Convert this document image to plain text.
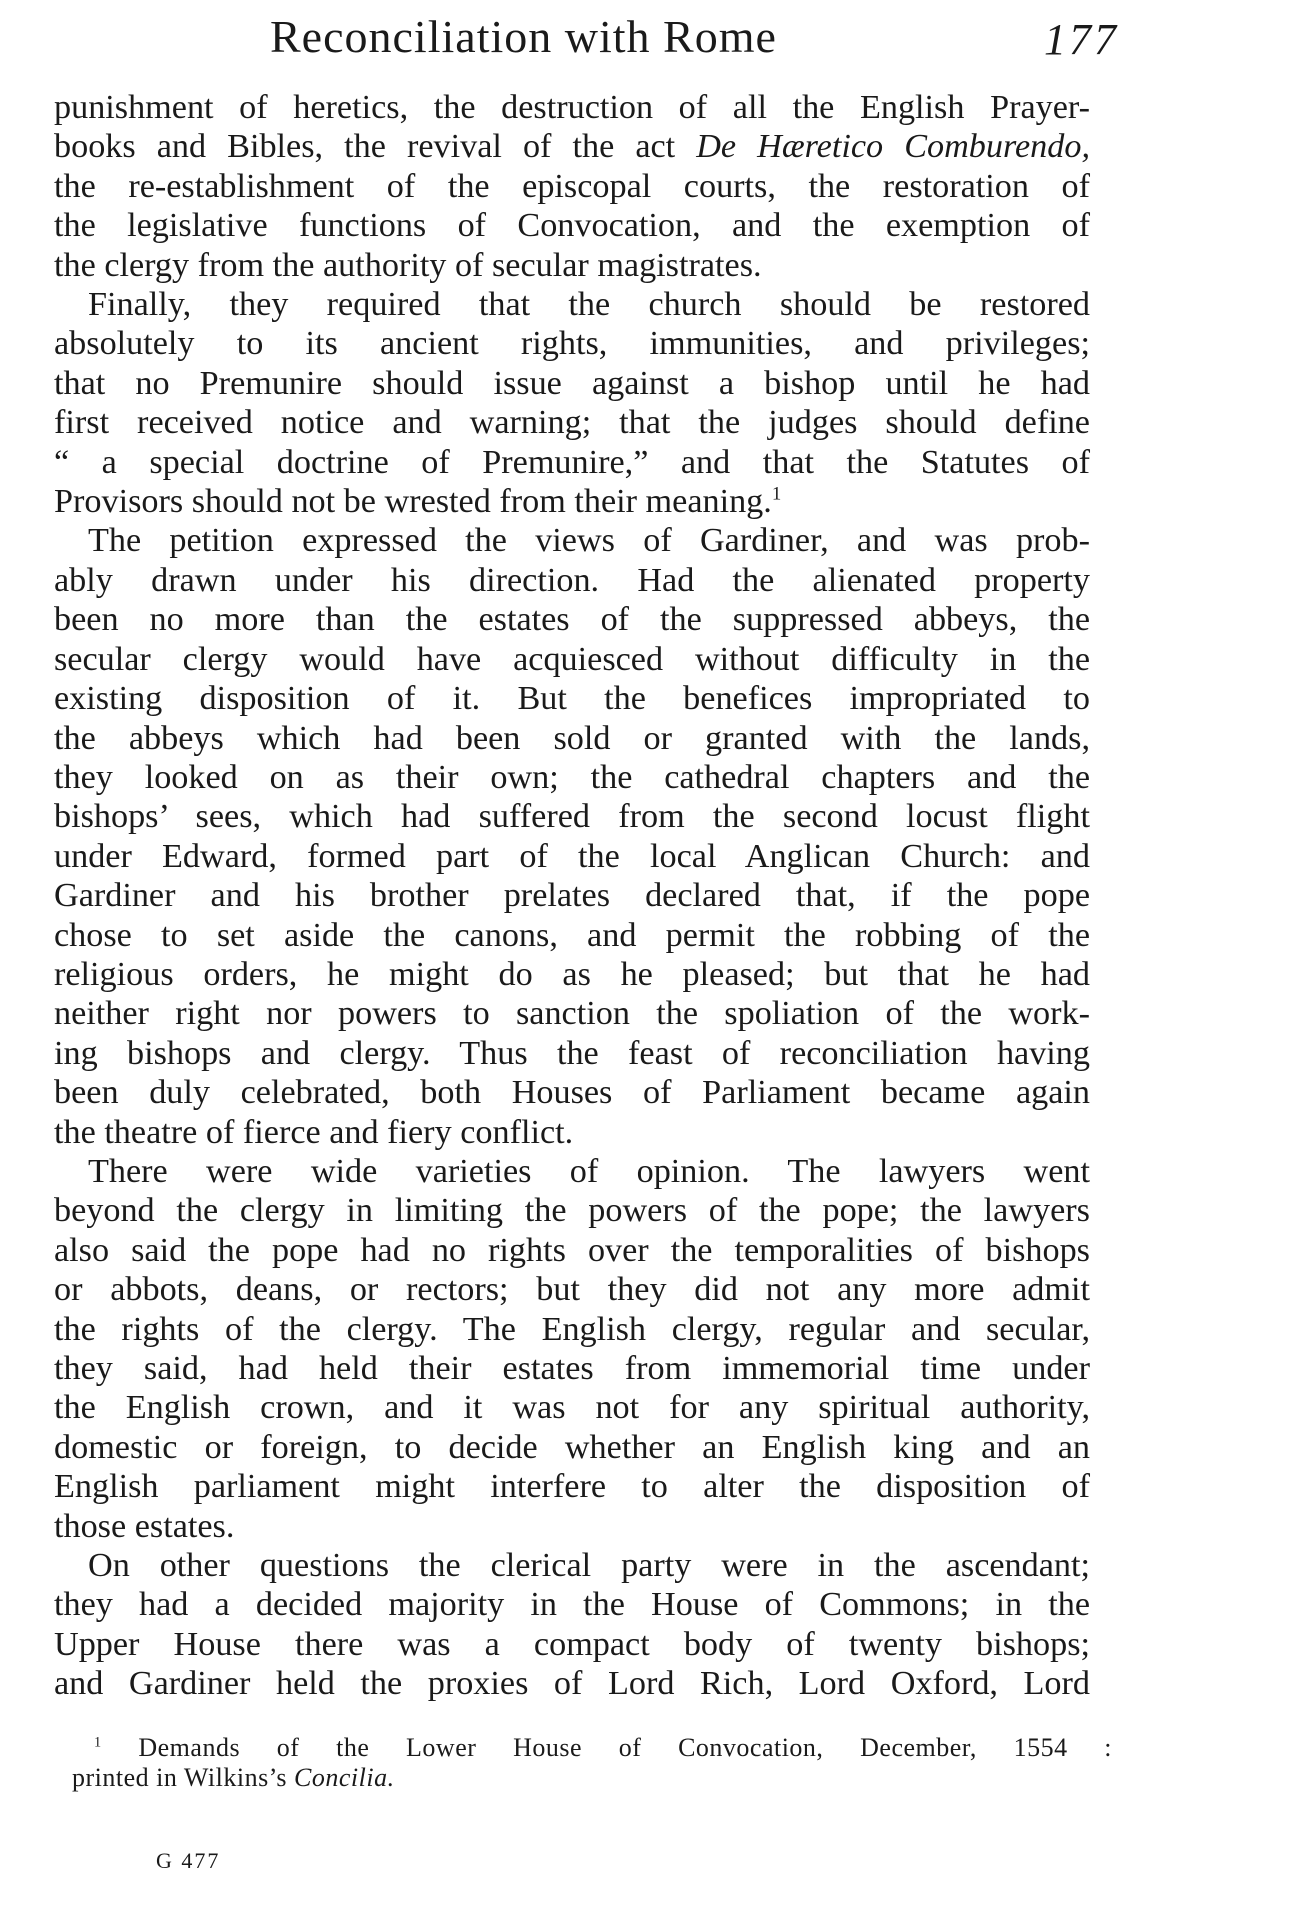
Reconciliation with Rome	177

punishment of heretics, the destruction of all the English Prayer-
books and Bibles, the revival of the act De Hæretico Comburendo,
the re-establishment of the episcopal courts, the restoration of
the legislative functions of Convocation, and the exemption of
the clergy from the authority of secular magistrates.

Finally, they required that the church should be restored
absolutely to its ancient rights, immunities, and privileges;
that no Premunire should issue against a bishop until he had
first received notice and warning; that the judges should define
“ a special doctrine of Premunire,” and that the Statutes of
Provisors should not be wrested from their meaning.$^1$

The petition expressed the views of Gardiner, and was prob-
ably drawn under his direction. Had the alienated property
been no more than the estates of the suppressed abbeys, the
secular clergy would have acquiesced without difficulty in the
existing disposition of it. But the benefices impropriated to
the abbeys which had been sold or granted with the lands,
they looked on as their own; the cathedral chapters and the
bishops’ sees, which had suffered from the second locust flight
under Edward, formed part of the local Anglican Church: and
Gardiner and his brother prelates declared that, if the pope
chose to set aside the canons, and permit the robbing of the
religious orders, he might do as he pleased; but that he had
neither right nor powers to sanction the spoliation of the work-
ing bishops and clergy. Thus the feast of reconciliation having
been duly celebrated, both Houses of Parliament became again
the theatre of fierce and fiery conflict.

There were wide varieties of opinion. The lawyers went
beyond the clergy in limiting the powers of the pope; the lawyers
also said the pope had no rights over the temporalities of bishops
or abbots, deans, or rectors; but they did not any more admit
the rights of the clergy. The English clergy, regular and secular,
they said, had held their estates from immemorial time under
the English crown, and it was not for any spiritual authority,
domestic or foreign, to decide whether an English king and an
English parliament might interfere to alter the disposition of
those estates.

On other questions the clerical party were in the ascendant;
they had a decided majority in the House of Commons; in the
Upper House there was a compact body of twenty bishops;
and Gardiner held the proxies of Lord Rich, Lord Oxford, Lord

$^1$ Demands of the Lower House of Convocation, December, 1554 :
printed in Wilkins’s Concilia.
G 477
